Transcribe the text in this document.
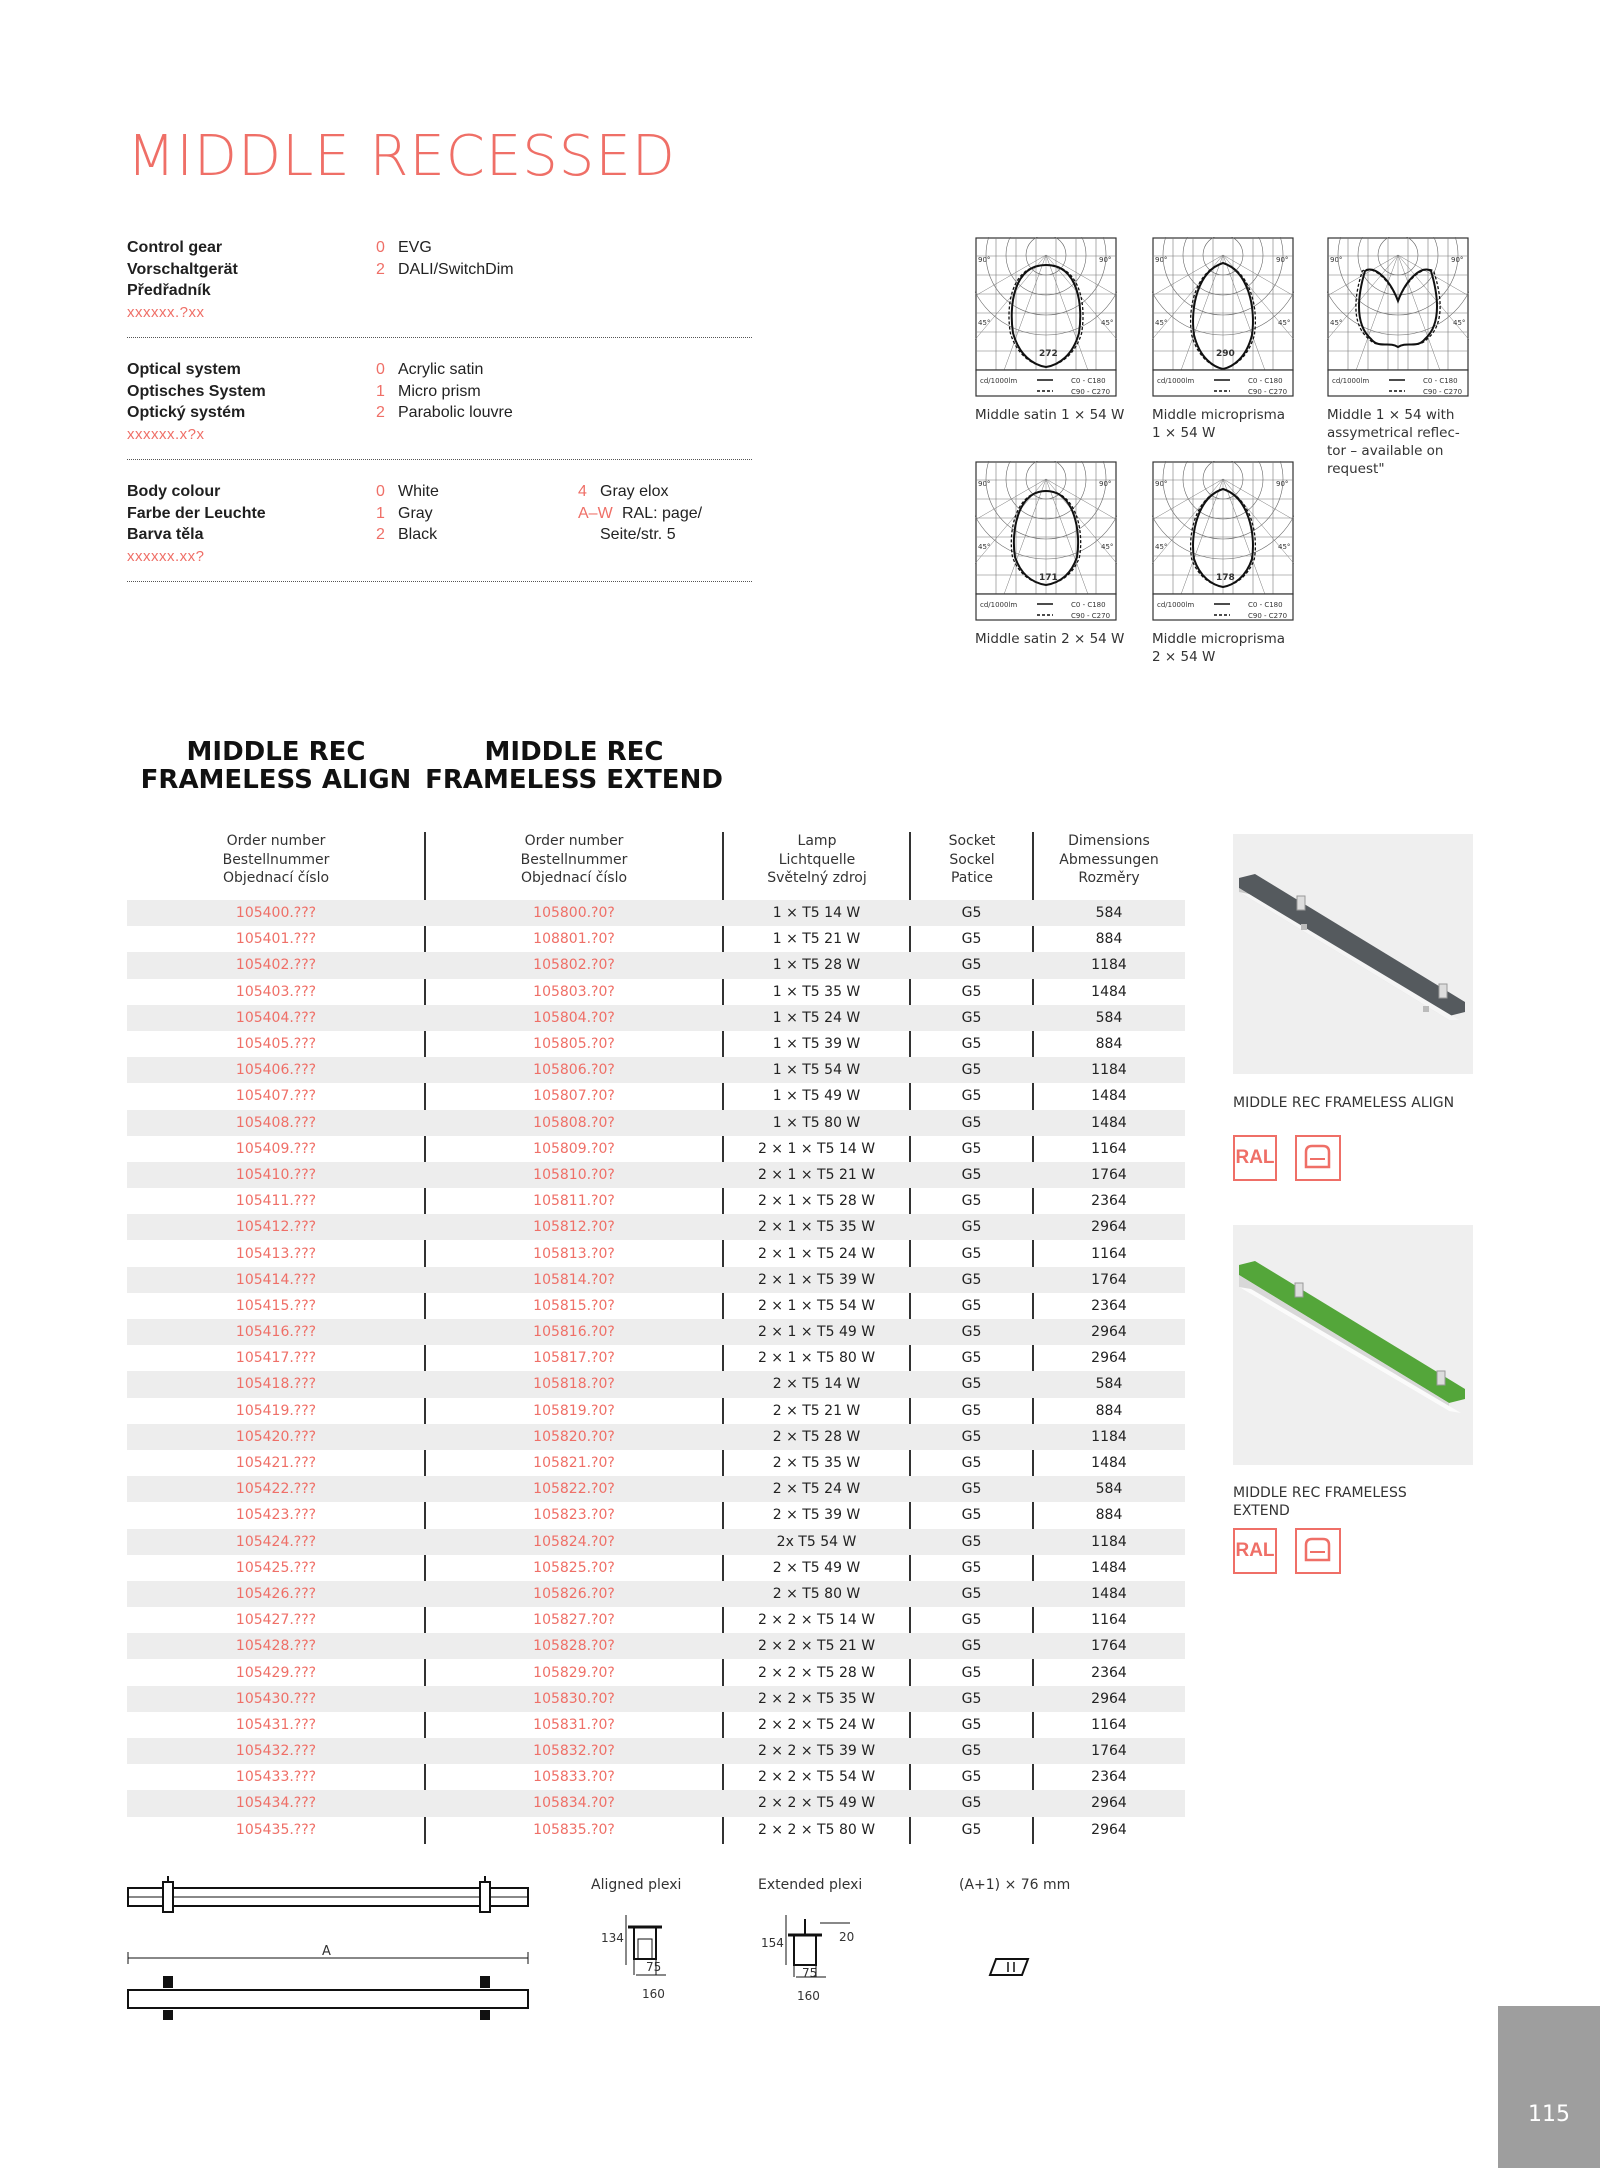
MIDDLE RECESSED
Control gear
Vorschaltgerät
Předřadník
xxxxxx.?xx
0 EVG
2 DALI/SwitchDim
Optical system
Optisches System
Optický systém
xxxxxx.x?x
0 Acrylic satin
1 Micro prism
2 Parabolic louvre
Body colour
Farbe der Leuchte
Barva těla
xxxxxx.xx?
0 White
1 Gray
2 Black
4 Gray elox
A–W RAL: page/
Seite/str. 5
90°	90°
45°	45°
272
cd/1000lm	C0 - C180
C90 - C270
Middle satin 1 × 54 W
90°	90°
45°	45°
290
cd/1000lm	C0 - C180
C90 - C270
Middle microprisma
1 × 54 W
90°	90°
45°	45°
cd/1000lm	C0 - C180
C90 - C270
Middle 1 × 54 with
assymetrical reflec-
tor – available on
request"
90°	90°
45°	45°
171
cd/1000lm	C0 - C180
C90 - C270
Middle satin 2 × 54 W
90°	90°
45°	45°
178
cd/1000lm	C0 - C180
C90 - C270
Middle microprisma
2 × 54 W
MIDDLE REC
FRAMELESS ALIGN
MIDDLE REC
FRAMELESS EXTEND
Order number
Bestellnummer
Objednací číslo
Order number
Bestellnummer
Objednací číslo
Lamp
Lichtquelle
Světelný zdroj
Socket
Sockel
Patice
Dimensions
Abmessungen
Rozměry
105400.???	105800.?0?	1 × T5 14 W	G5	584
105401.???	108801.?0?	1 × T5 21 W	G5	884
105402.???	105802.?0?	1 × T5 28 W	G5	1184
105403.???	105803.?0?	1 × T5 35 W	G5	1484
105404.???	105804.?0?	1 × T5 24 W	G5	584
105405.???	105805.?0?	1 × T5 39 W	G5	884
105406.???	105806.?0?	1 × T5 54 W	G5	1184
105407.???	105807.?0?	1 × T5 49 W	G5	1484
105408.???	105808.?0?	1 × T5 80 W	G5	1484
105409.???	105809.?0?	2 × 1 × T5 14 W	G5	1164
105410.???	105810.?0?	2 × 1 × T5 21 W	G5	1764
105411.???	105811.?0?	2 × 1 × T5 28 W	G5	2364
105412.???	105812.?0?	2 × 1 × T5 35 W	G5	2964
105413.???	105813.?0?	2 × 1 × T5 24 W	G5	1164
105414.???	105814.?0?	2 × 1 × T5 39 W	G5	1764
105415.???	105815.?0?	2 × 1 × T5 54 W	G5	2364
105416.???	105816.?0?	2 × 1 × T5 49 W	G5	2964
105417.???	105817.?0?	2 × 1 × T5 80 W	G5	2964
105418.???	105818.?0?	2 × T5 14 W	G5	584
105419.???	105819.?0?	2 × T5 21 W	G5	884
105420.???	105820.?0?	2 × T5 28 W	G5	1184
105421.???	105821.?0?	2 × T5 35 W	G5	1484
105422.???	105822.?0?	2 × T5 24 W	G5	584
105423.???	105823.?0?	2 × T5 39 W	G5	884
105424.???	105824.?0?	2x T5 54 W	G5	1184
105425.???	105825.?0?	2 × T5 49 W	G5	1484
105426.???	105826.?0?	2 × T5 80 W	G5	1484
105427.???	105827.?0?	2 × 2 × T5 14 W	G5	1164
105428.???	105828.?0?	2 × 2 × T5 21 W	G5	1764
105429.???	105829.?0?	2 × 2 × T5 28 W	G5	2364
105430.???	105830.?0?	2 × 2 × T5 35 W	G5	2964
105431.???	105831.?0?	2 × 2 × T5 24 W	G5	1164
105432.???	105832.?0?	2 × 2 × T5 39 W	G5	1764
105433.???	105833.?0?	2 × 2 × T5 54 W	G5	2364
105434.???	105834.?0?	2 × 2 × T5 49 W	G5	2964
105435.???	105835.?0?	2 × 2 × T5 80 W	G5	2964
MIDDLE REC FRAMELESS ALIGN
RAL
MIDDLE REC FRAMELESS
EXTEND
RAL
A
Aligned plexi
134
75
160
Extended plexi
154	20
75
160
(A+1) × 76 mm
115
